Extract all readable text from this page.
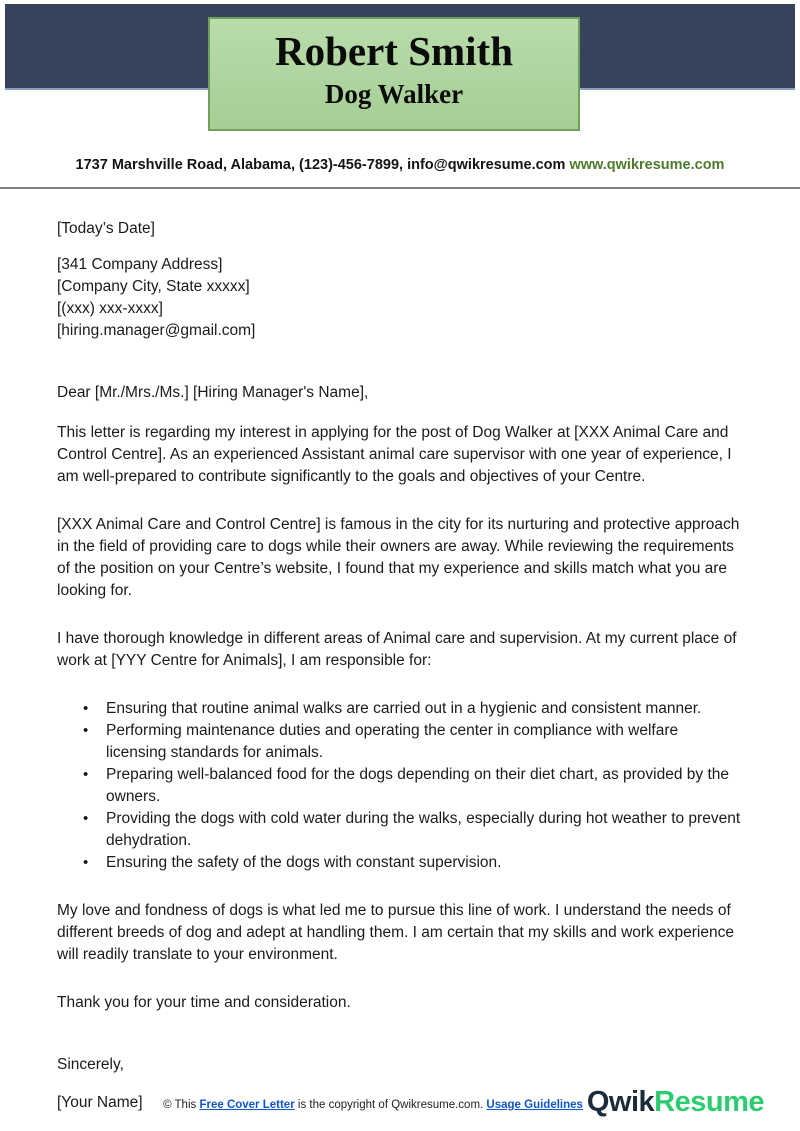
Robert Smith
Dog Walker
1737 Marshville Road, Alabama, (123)-456-7899, info@qwikresume.com www.qwikresume.com

[Today’s Date]

[341 Company Address]

[Company City, State xxxxx]

[(xxx) xxx-xxxx]

[hiring.manager@gmail.com]

Dear [Mr./Mrs./Ms.] [Hiring Manager's Name],

This letter is regarding my interest in applying for the post of Dog Walker at [XXX Animal Care and Control Centre]. As an experienced Assistant animal care supervisor with one year of experience, I am well-prepared to contribute significantly to the goals and objectives of your Centre.

[XXX Animal Care and Control Centre] is famous in the city for its nurturing and protective approach in the field of providing care to dogs while their owners are away. While reviewing the requirements of the position on your Centre’s website, I found that my experience and skills match what you are looking for.

I have thorough knowledge in different areas of Animal care and supervision. At my current place of work at [YYY Centre for Animals], I am responsible for:

• Ensuring that routine animal walks are carried out in a hygienic and consistent manner.
• Performing maintenance duties and operating the center in compliance with welfare licensing standards for animals.
• Preparing well-balanced food for the dogs depending on their diet chart, as provided by the owners.
• Providing the dogs with cold water during the walks, especially during hot weather to prevent dehydration.
• Ensuring the safety of the dogs with constant supervision.

My love and fondness of dogs is what led me to pursue this line of work. I understand the needs of different breeds of dog and adept at handling them. I am certain that my skills and work experience will readily translate to your environment.

Thank you for your time and consideration.

Sincerely,

[Your Name]	© This Free Cover Letter is the copyright of Qwikresume.com. Usage Guidelines QwikResume
